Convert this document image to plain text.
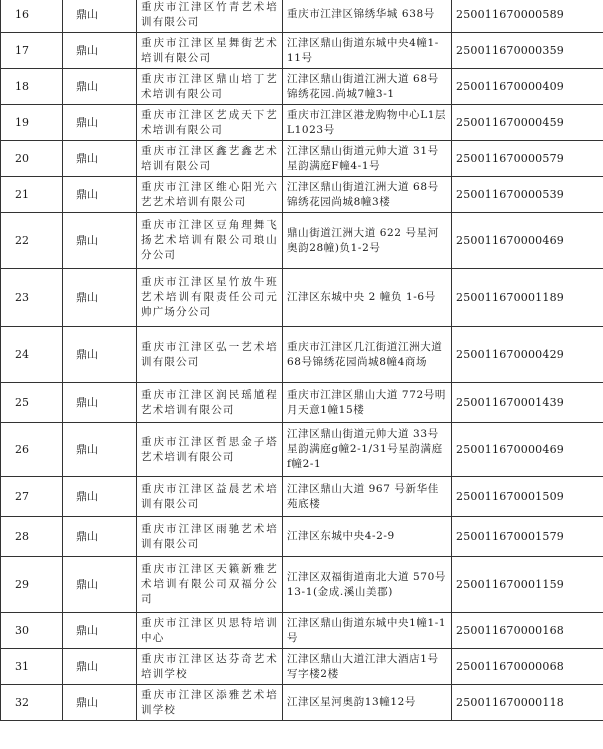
16	鼎山	重庆市江津区竹青艺术培训有限公司	重庆市江津区锦绣华城 638号	250011670000589
17	鼎山	重庆市江津区星舞街艺术培训有限公司	江津区鼎山街道东城中央4幢1-11号	250011670000359
18	鼎山	重庆市江津区鼎山培丁艺术培训有限公司	江津区鼎山街道江洲大道 68号锦绣花园.尚城7幢3-1	250011670000409
19	鼎山	重庆市江津区艺成天下艺术培训有限公司	重庆市江津区港龙购物中心L1层L1023号	250011670000459
20	鼎山	重庆市江津区鑫艺鑫艺术培训有限公司	江津区鼎山街道元帅大道 31号星韵满庭F幢4-1号	250011670000579
21	鼎山	重庆市江津区维心阳光六艺艺术培训有限公司	江津区鼎山街道江洲大道 68号锦绣花园尚城8幢3楼	250011670000539
22	鼎山	重庆市江津区豆角理舞飞扬艺术培训有限公司琅山分公司	鼎山街道江洲大道 622 号星河奥韵28幢)负1-2号	250011670000469
23	鼎山	重庆市江津区星竹放牛班艺术培训有限责任公司元帅广场分公司	江津区东城中央 2 幢负 1-6号	250011670001189
24	鼎山	重庆市江津区弘一艺术培训有限公司	重庆市江津区几江街道江洲大道68号锦绣花园尚城8幢4商场	250011670000429
25	鼎山	重庆市江津区润民瑶馗程艺术培训有限公司	重庆市江津区鼎山大道 772号明月天意1幢15楼	250011670001439
26	鼎山	重庆市江津区哲思金子塔艺术培训有限公司	江津区鼎山街道元帅大道 33号星韵满庭g幢2-1/31号星韵满庭f幢2-1	250011670000469
27	鼎山	重庆市江津区益晨艺术培训有限公司	江津区鼎山大道 967 号新华佳苑底楼	250011670001509
28	鼎山	重庆市江津区雨驰艺术培训有限公司	江津区东城中央4-2-9	250011670001579
29	鼎山	重庆市江津区天籁新雅艺术培训有限公司双福分公司	江津区双福街道南北大道 570号13-1(金成.溪山美郡)	250011670001159
30	鼎山	重庆市江津区贝思特培训中心	江津区鼎山街道东城中央1幢1-1号	250011670000168
31	鼎山	重庆市江津区达芬奇艺术培训学校	江津区鼎山大道江津大酒店1号写字楼2楼	250011670000068
32	鼎山	重庆市江津区添雅艺术培训学校	江津区星河奥韵13幢12号	250011670000118
